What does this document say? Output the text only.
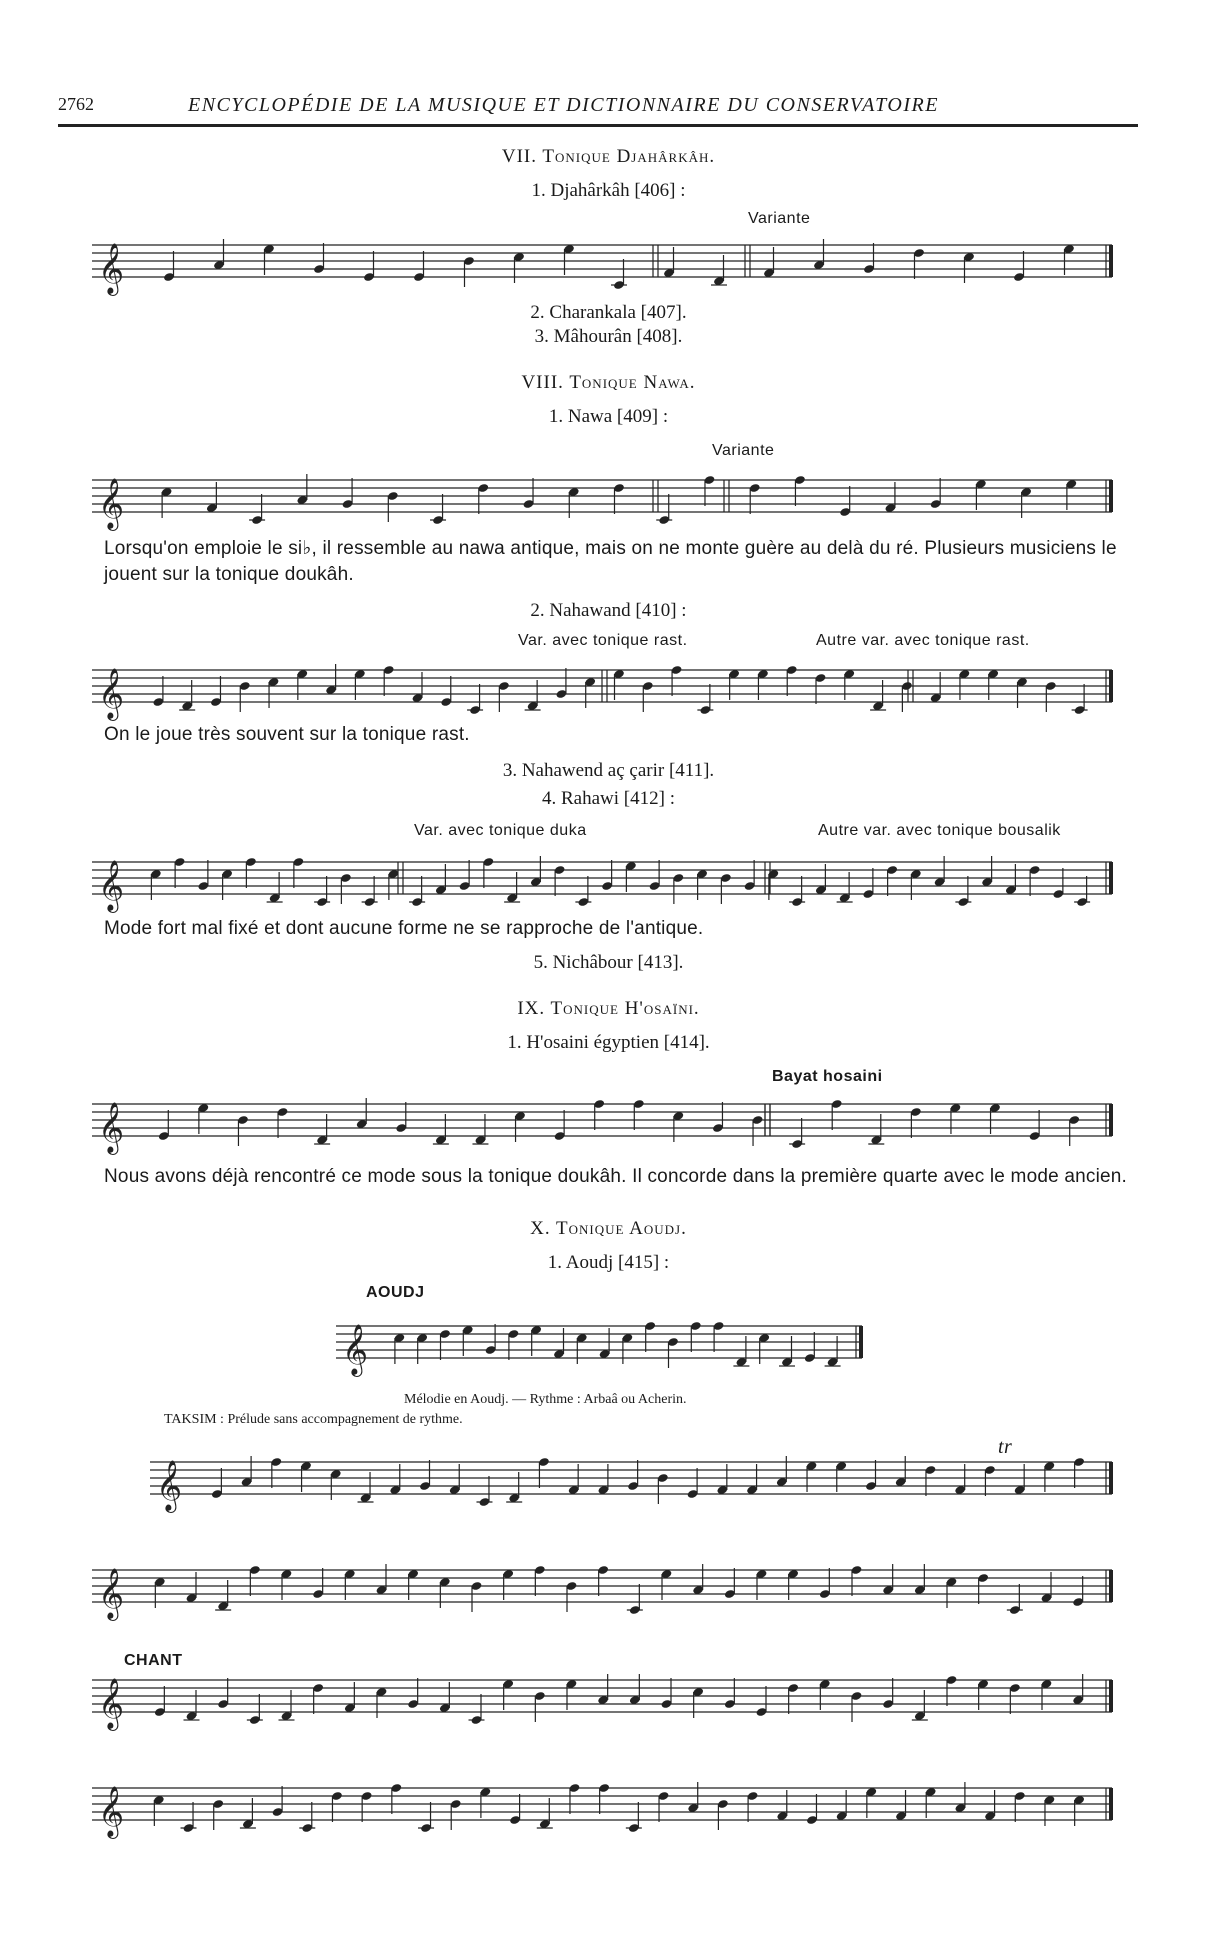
2762	ENCYCLOPÉDIE DE LA MUSIQUE ET DICTIONNAIRE DU CONSERVATOIRE
VII. Tonique Djahârkâh.
1. Djahârkâh [406] :
Variante
𝄞
2. Charankala [407].
3. Mâhourân [408].
VIII. Tonique Nawa.
1. Nawa [409] :
Variante
𝄞
Lorsqu'on emploie le si♭, il ressemble au nawa antique, mais on ne monte guère au delà du ré. Plusieurs musiciens le jouent sur la tonique doukâh.
2. Nahawand [410] :
Var. avec tonique rast.	Autre var. avec tonique rast.
𝄞
On le joue très souvent sur la tonique rast.
3. Nahawend aç çarir [411].
4. Rahawi [412] :
Var. avec tonique duka	Autre var. avec tonique bousalik
𝄞
Mode fort mal fixé et dont aucune forme ne se rapproche de l'antique.
5. Nichâbour [413].
IX. Tonique H'osaïni.
1. H'osaini égyptien [414].
Bayat hosaini
𝄞
Nous avons déjà rencontré ce mode sous la tonique doukâh. Il concorde dans la première quarte avec le mode ancien.
X. Tonique Aoudj.
1. Aoudj [415] :
AOUDJ
𝄞
Mélodie en Aoudj. — Rythme : Arbaâ ou Acherin.
TAKSIM : Prélude sans accompagnement de rythme.
tr
𝄞
𝄞
CHANT
𝄞
𝄞
